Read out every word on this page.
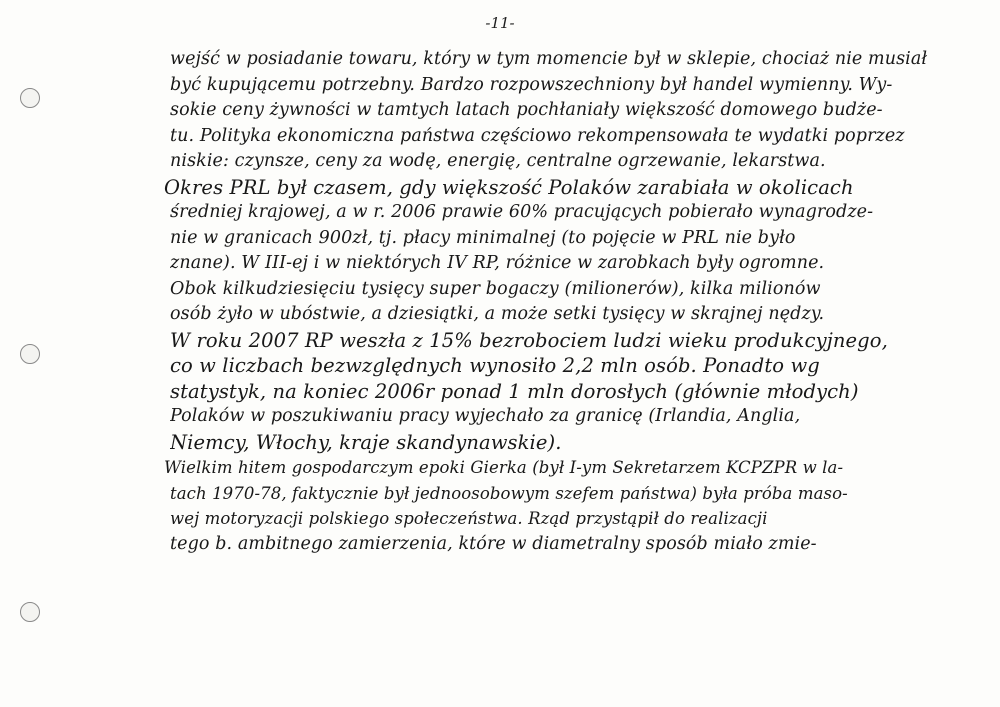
-11-
wejść w posiadanie towaru, który w tym momencie był w sklepie, chociaż nie musiał
być kupującemu potrzebny. Bardzo rozpowszechniony był handel wymienny. Wy-
sokie ceny żywności w tamtych latach pochłaniały większość domowego budże-
tu. Polityka ekonomiczna państwa częściowo rekompensowała te wydatki poprzez
niskie: czynsze, ceny za wodę, energię, centralne ogrzewanie, lekarstwa.
Okres PRL był czasem, gdy większość Polaków zarabiała w okolicach
średniej krajowej, a w r. 2006 prawie 60% pracujących pobierało wynagrodze-
nie w granicach 900zł, tj. płacy minimalnej (to pojęcie w PRL nie było
znane). W III-ej i w niektórych IV RP, różnice w zarobkach były ogromne.
Obok kilkudziesięciu tysięcy super bogaczy (milionerów), kilka milionów
osób żyło w ubóstwie, a dziesiątki, a może setki tysięcy w skrajnej nędzy.
W roku 2007 RP weszła z 15% bezrobociem ludzi wieku produkcyjnego,
co w liczbach bezwzględnych wynosiło 2,2 mln osób. Ponadto wg
statystyk, na koniec 2006r ponad 1 mln dorosłych (głównie młodych)
Polaków w poszukiwaniu pracy wyjechało za granicę (Irlandia, Anglia,
Niemcy, Włochy, kraje skandynawskie).
Wielkim hitem gospodarczym epoki Gierka (był I-ym Sekretarzem KCPZPR w la-
tach 1970-78, faktycznie był jednoosobowym szefem państwa) była próba maso-
wej motoryzacji polskiego społeczeństwa. Rząd przystąpił do realizacji
tego b. ambitnego zamierzenia, które w diametralny sposób miało zmie-
